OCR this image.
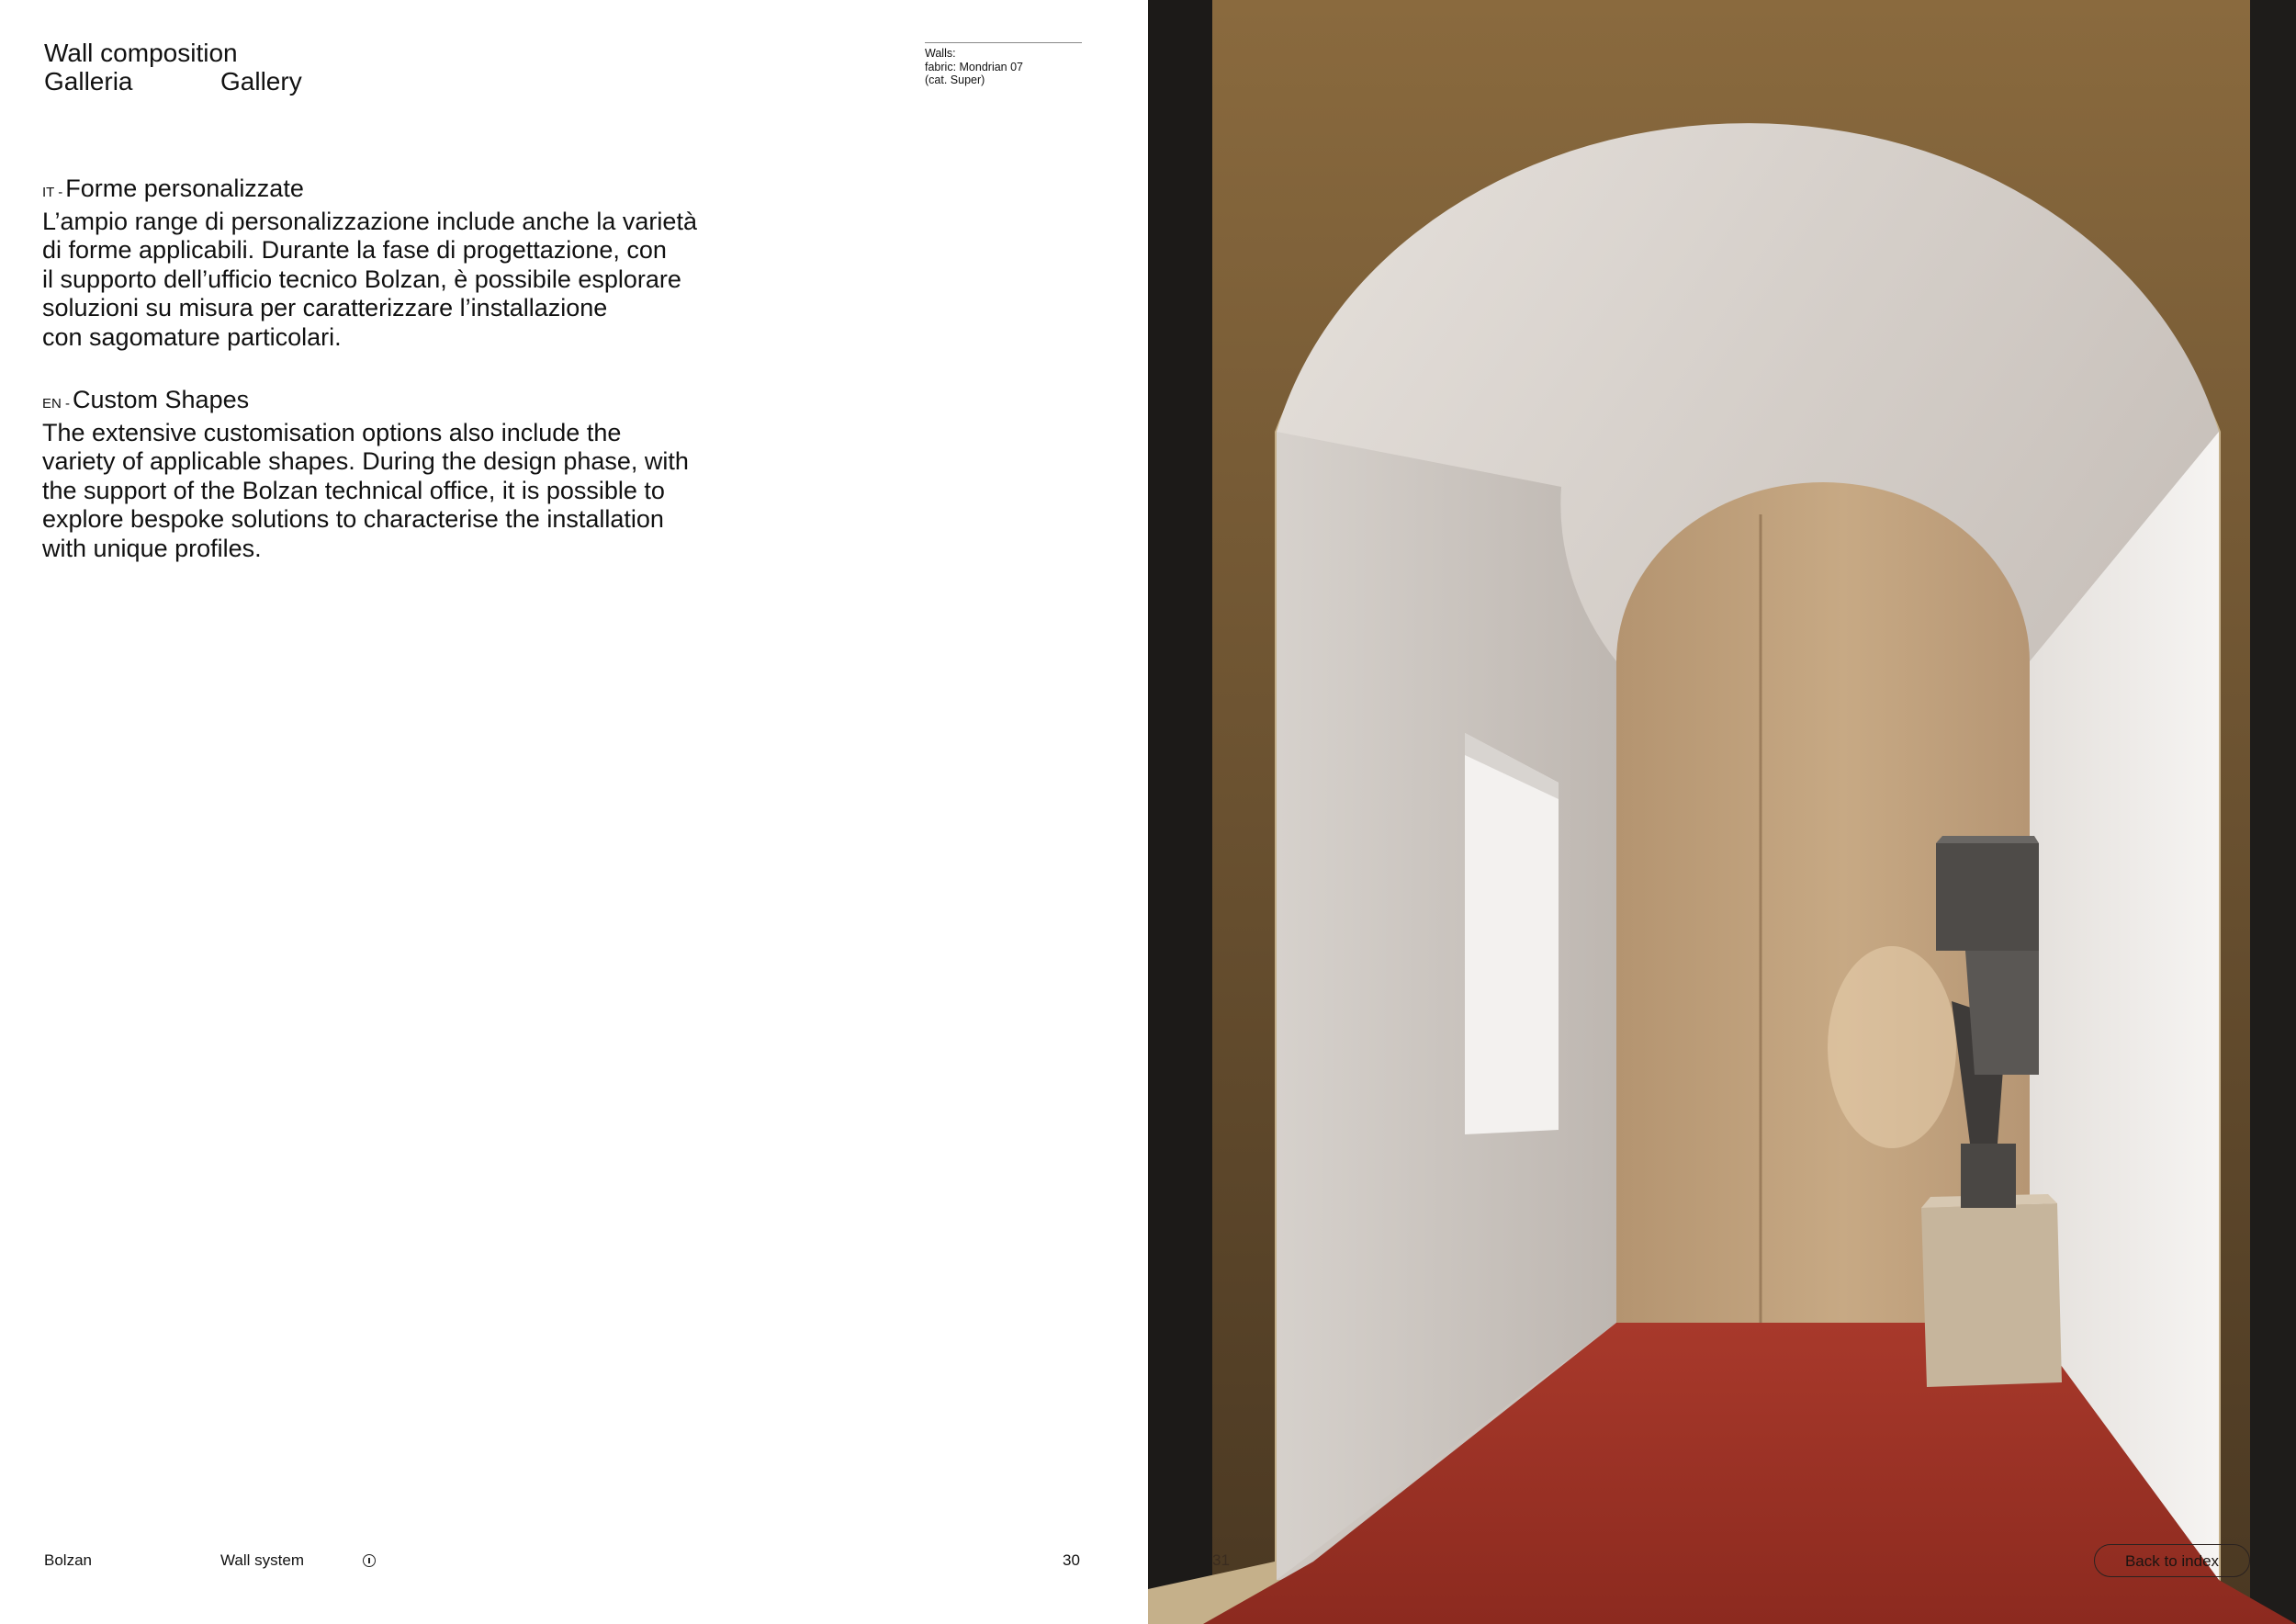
Wall composition
Galleria	Gallery
Walls:
fabric: Mondrian 07
(cat. Super)
IT - Forme personalizzate
L’ampio range di personalizzazione include anche la varietà
di forme applicabili. Durante la fase di progettazione, con
il supporto dell’ufficio tecnico Bolzan, è possibile esplorare
soluzioni su misura per caratterizzare l’installazione
con sagomature particolari.
EN - Custom Shapes
The extensive customisation options also include the
variety of applicable shapes. During the design phase, with
the support of the Bolzan technical office, it is possible to
explore bespoke solutions to characterise the installation
with unique profiles.
Bolzan	Wall system	30	31	Back to index
